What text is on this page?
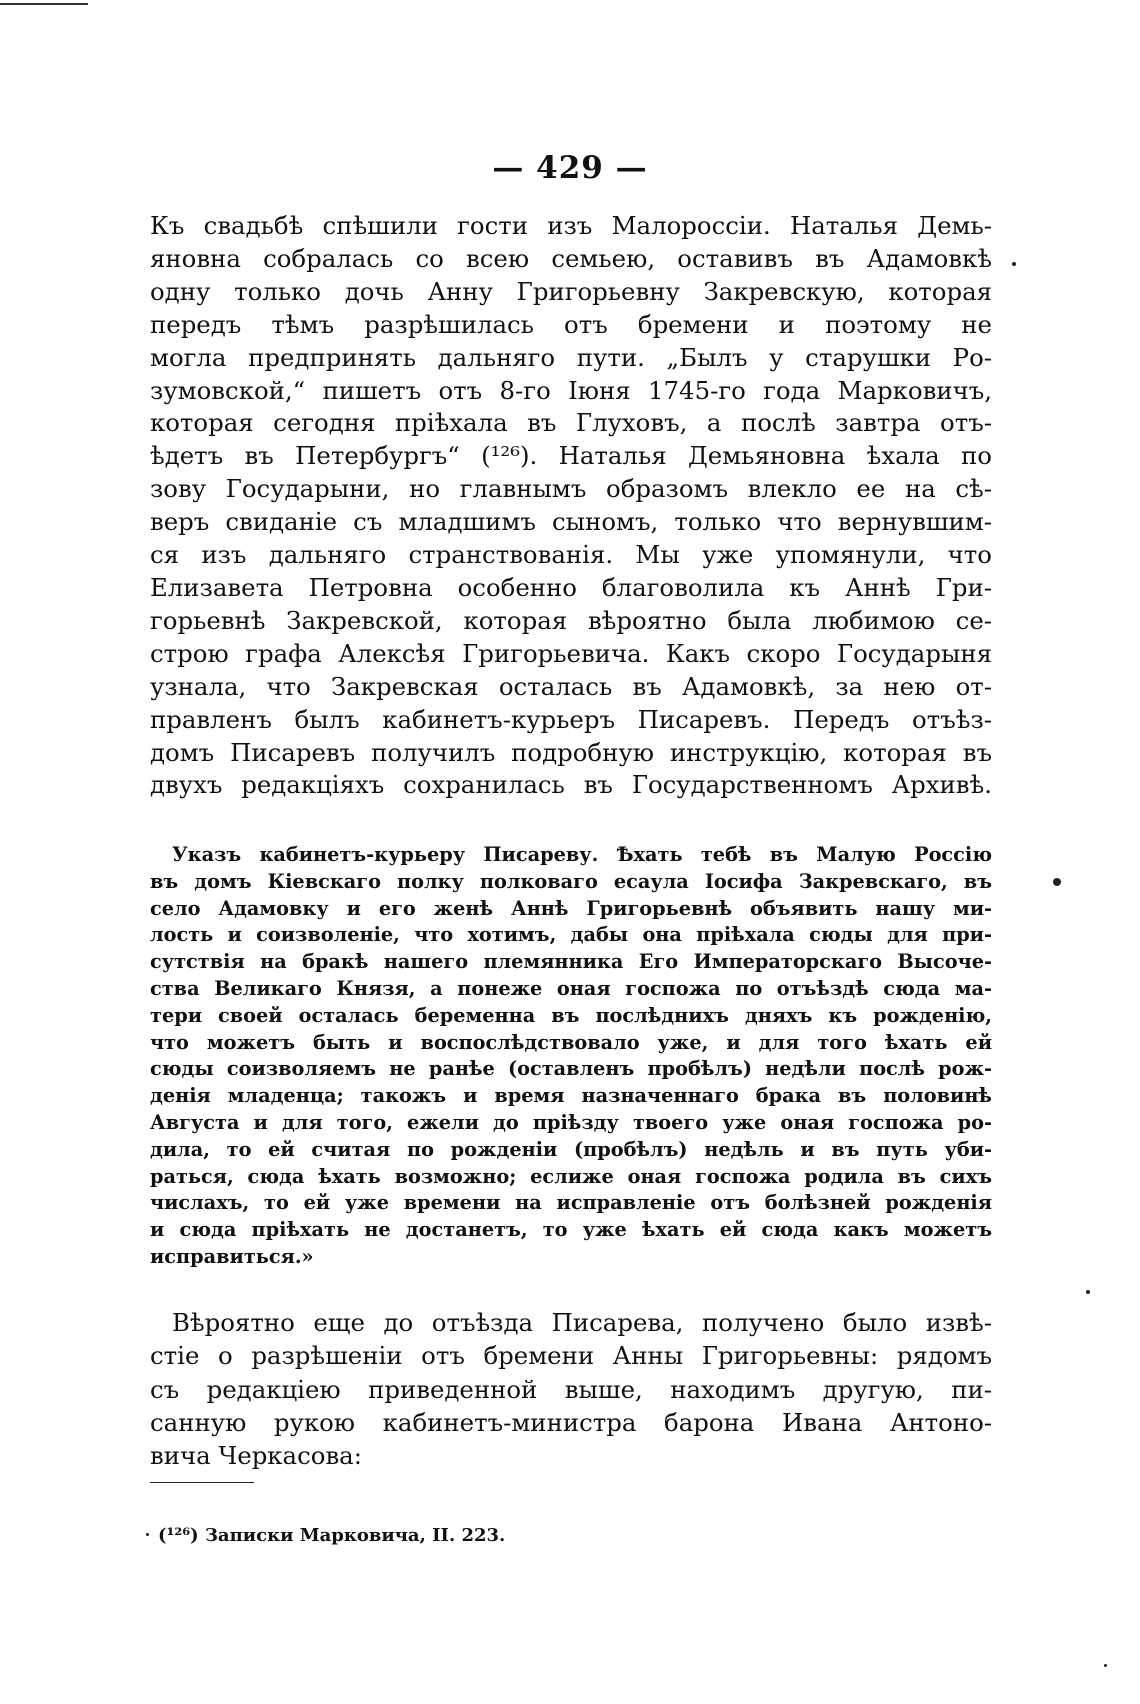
— 429 —
Къ свадьбѣ спѣшили гости изъ Малороссіи. Наталья Демь-
яновна собралась со всею семьею, оставивъ въ Адамовкѣ
одну только дочь Анну Григорьевну Закревскую, которая
передъ тѣмъ разрѣшилась отъ бремени и поэтому не
могла предпринять дальняго пути. „Былъ у старушки Ро-
зумовской,“ пишетъ отъ 8-го Іюня 1745-го года Марковичъ,
которая сегодня пріѣхала въ Глуховъ, а послѣ завтра отъ-
ѣдетъ въ Петербургъ“ (¹²⁶). Наталья Демьяновна ѣхала по
зову Государыни, но главнымъ образомъ влекло ее на сѣ-
веръ свиданіе съ младшимъ сыномъ, только что вернувшим-
ся изъ дальняго странствованія. Мы уже упомянули, что
Елизавета Петровна особенно благоволила къ Аннѣ Гри-
горьевнѣ Закревской, которая вѣроятно была любимою се-
строю графа Алексѣя Григорьевича. Какъ скоро Государыня
узнала, что Закревская осталась въ Адамовкѣ, за нею от-
правленъ былъ кабинетъ-курьеръ Писаревъ. Передъ отъѣз-
домъ Писаревъ получилъ подробную инструкцію, которая въ
двухъ редакціяхъ сохранилась въ Государственномъ Архивѣ.
Указъ кабинетъ-курьеру Писареву. Ѣхать тебѣ въ Малую Россію
въ домъ Кіевскаго полку полковаго есаула Іосифа Закревскаго, въ
село Адамовку и его женѣ Аннѣ Григорьевнѣ объявить нашу ми-
лость и соизволеніе, что хотимъ, дабы она пріѣхала сюды для при-
сутствія на бракѣ нашего племянника Его Императорскаго Высоче-
ства Великаго Князя, а понеже оная госпожа по отъѣздѣ сюда ма-
тери своей осталась беременна въ послѣднихъ дняхъ къ рожденію,
что можетъ быть и воспослѣдствовало уже, и для того ѣхать ей
сюды соизволяемъ не ранѣе (оставленъ пробѣлъ) недѣли послѣ рож-
денія младенца; такожъ и время назначеннаго брака въ половинѣ
Августа и для того, ежели до пріѣзду твоего уже оная госпожа ро-
дила, то ей считая по рожденіи (пробѣлъ) недѣль и въ путь уби-
раться, сюда ѣхать возможно; еслиже оная госпожа родила въ сихъ
числахъ, то ей уже времени на исправленіе отъ болѣзней рожденія
и сюда пріѣхать не достанетъ, то уже ѣхать ей сюда какъ можетъ
исправиться.»
Вѣроятно еще до отъѣзда Писарева, получено было извѣ-
стіе о разрѣшеніи отъ бремени Анны Григорьевны: рядомъ
съ редакціею приведенной выше, находимъ другую, пи-
санную рукою кабинетъ-министра барона Ивана Антоно-
вича Черкасова:
(¹²⁶) Записки Марковича, II. 223.
